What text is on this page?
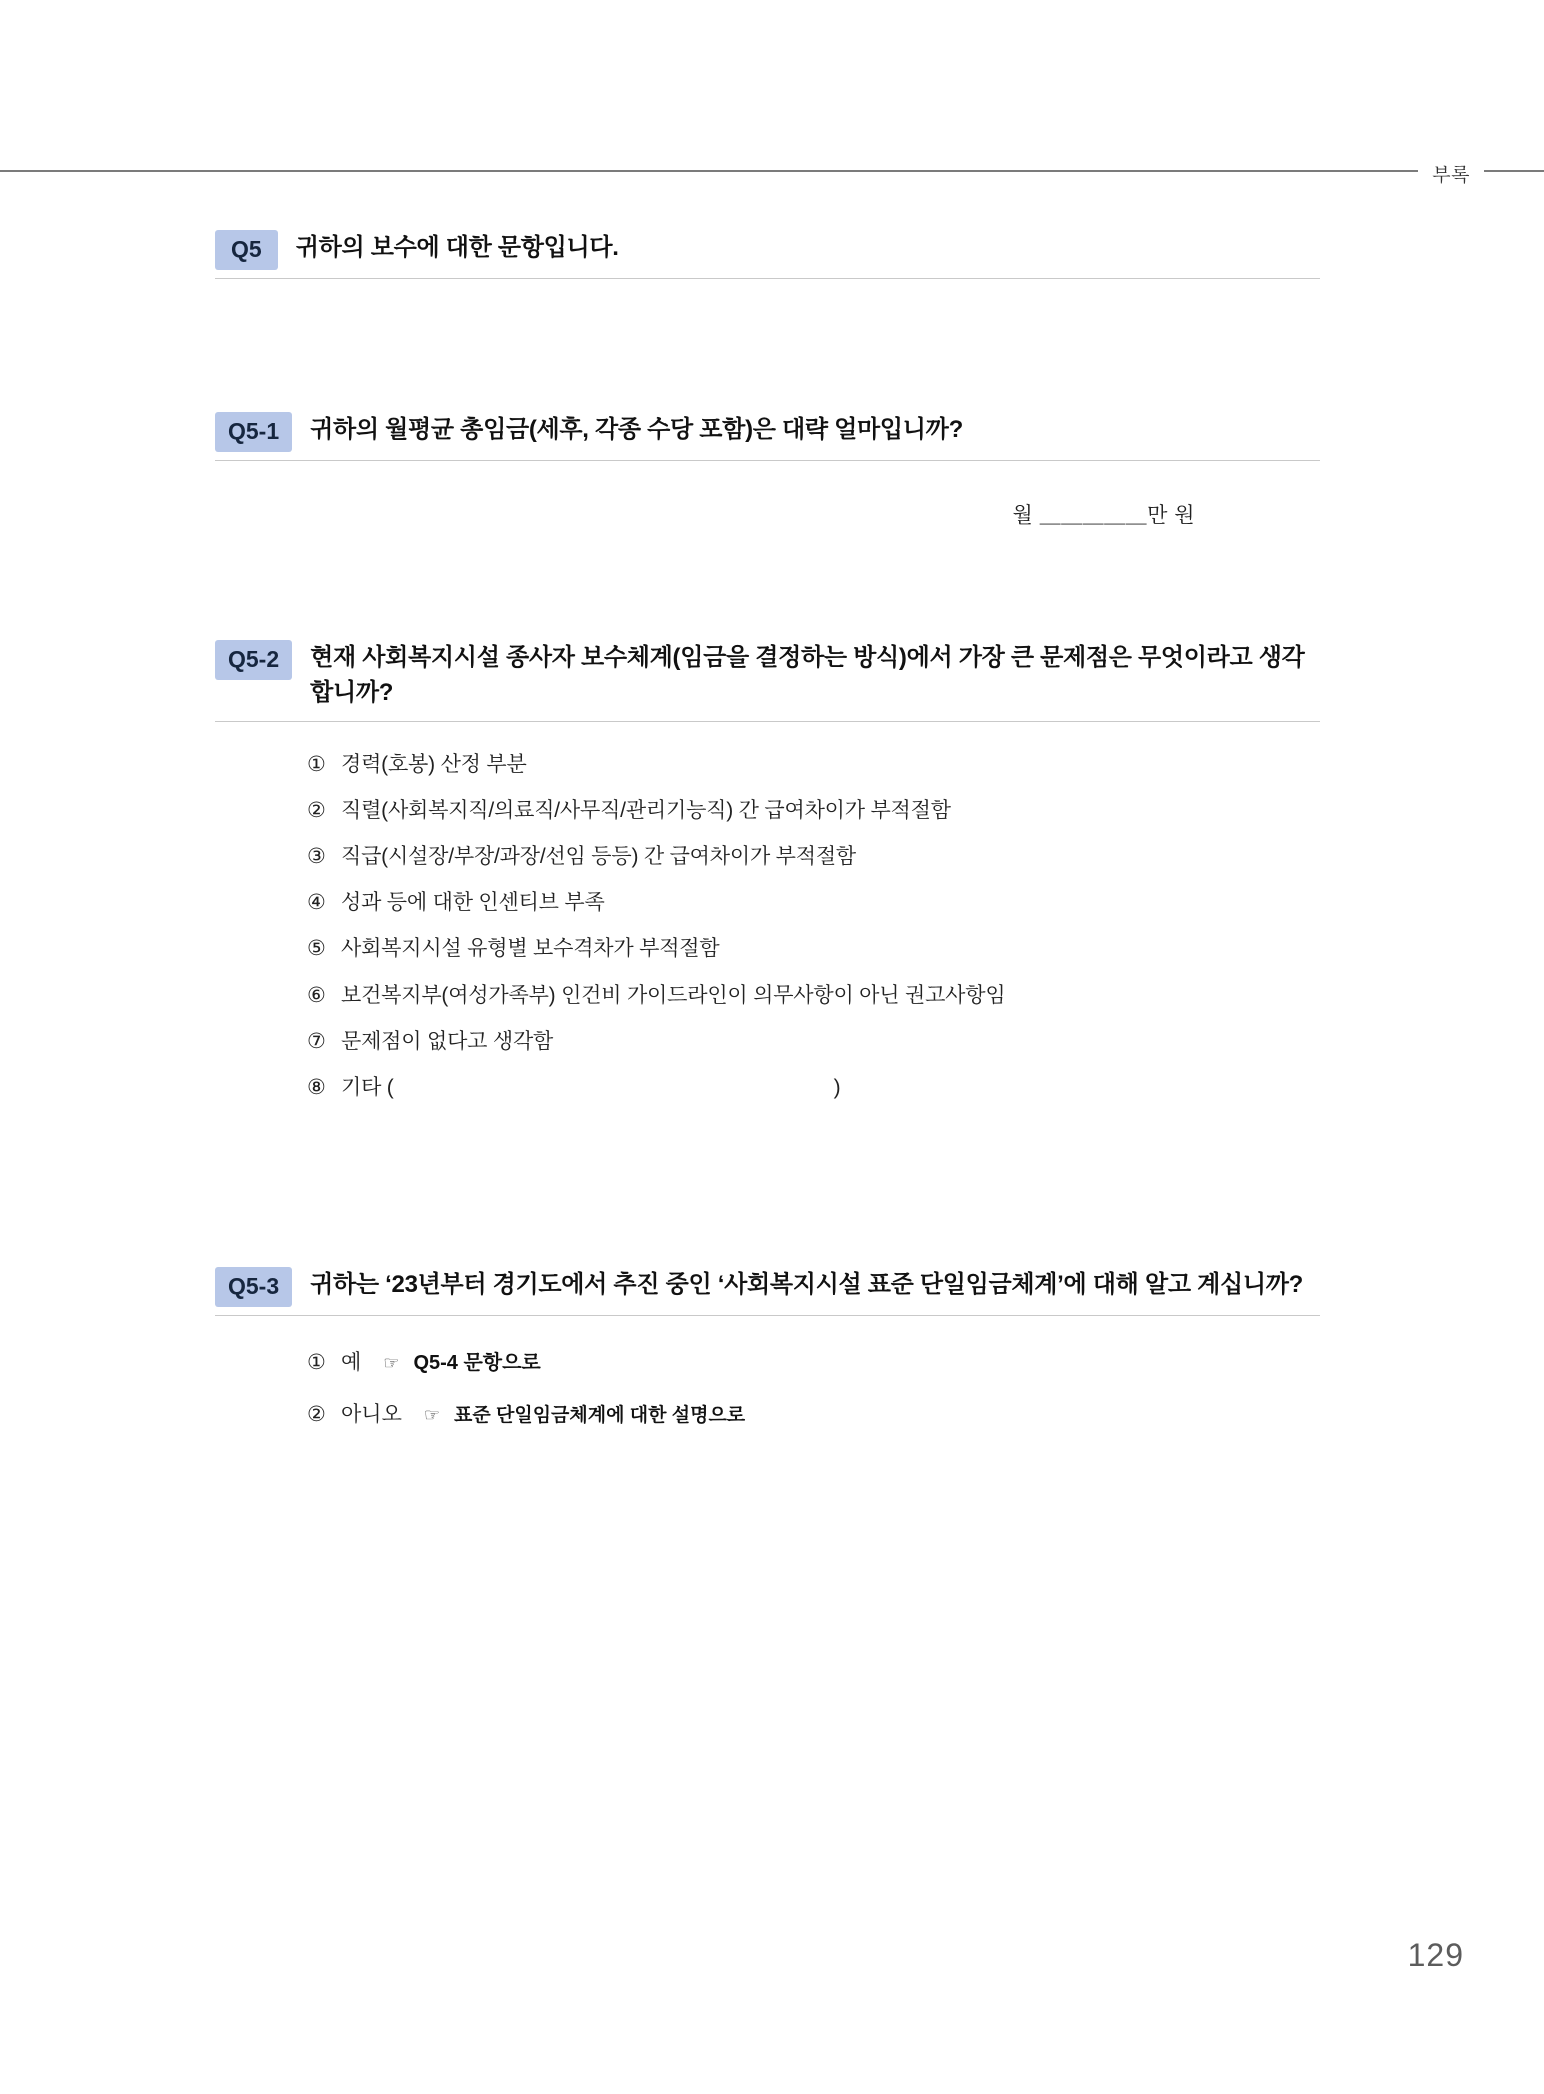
부록
Q5	귀하의 보수에 대한 문항입니다.
Q5-1	귀하의 월평균 총임금(세후, 각종 수당 포함)은 대략 얼마입니까?
월 ＿＿＿＿＿만 원
Q5-2	현재 사회복지시설 종사자 보수체계(임금을 결정하는 방식)에서 가장 큰 문제점은 무엇이라고 생각합니까?
① 경력(호봉) 산정 부분
② 직렬(사회복지직/의료직/사무직/관리기능직) 간 급여차이가 부적절함
③ 직급(시설장/부장/과장/선임 등등) 간 급여차이가 부적절함
④ 성과 등에 대한 인센티브 부족
⑤ 사회복지시설 유형별 보수격차가 부적절함
⑥ 보건복지부(여성가족부) 인건비 가이드라인이 의무사항이 아닌 권고사항임
⑦ 문제점이 없다고 생각함
⑧ 기타 (	)
Q5-3	귀하는 ‘23년부터 경기도에서 추진 중인 ‘사회복지시설 표준 단일임금체계’에 대해 알고 계십니까?
① 예 ☞ Q5-4 문항으로
② 아니오 ☞ 표준 단일임금체계에 대한 설명으로
129
